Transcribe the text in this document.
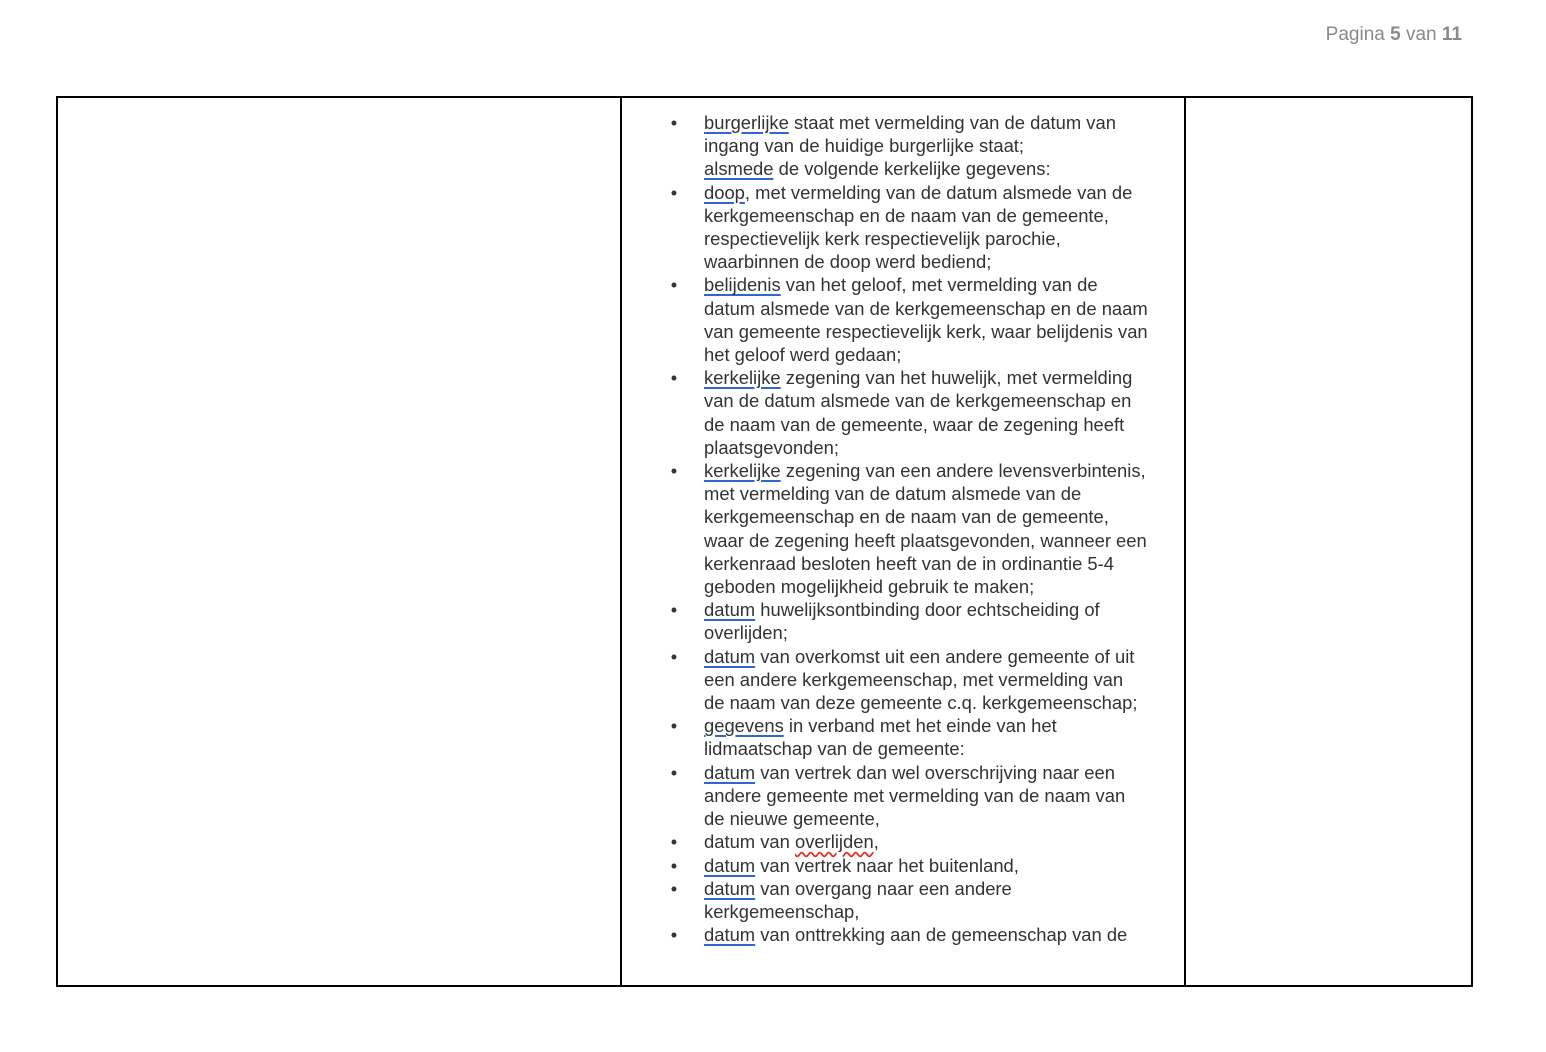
Pagina 5 van 11
• burgerlijke staat met vermelding van de datum van ingang van de huidige burgerlijke staat;
alsmede de volgende kerkelijke gegevens:
• doop, met vermelding van de datum alsmede van de kerkgemeenschap en de naam van de gemeente, respectievelijk kerk respectievelijk parochie, waarbinnen de doop werd bediend;
• belijdenis van het geloof, met vermelding van de datum alsmede van de kerkgemeenschap en de naam van gemeente respectievelijk kerk, waar belijdenis van het geloof werd gedaan;
• kerkelijke zegening van het huwelijk, met vermelding van de datum alsmede van de kerkgemeenschap en de naam van de gemeente, waar de zegening heeft plaatsgevonden;
• kerkelijke zegening van een andere levensverbintenis, met vermelding van de datum alsmede van de kerkgemeenschap en de naam van de gemeente, waar de zegening heeft plaatsgevonden, wanneer een kerkenraad besloten heeft van de in ordinantie 5-4 geboden mogelijkheid gebruik te maken;
• datum huwelijksontbinding door echtscheiding of overlijden;
• datum van overkomst uit een andere gemeente of uit een andere kerkgemeenschap, met vermelding van de naam van deze gemeente c.q. kerkgemeenschap;
• gegevens in verband met het einde van het lidmaatschap van de gemeente:
• datum van vertrek dan wel overschrijving naar een andere gemeente met vermelding van de naam van de nieuwe gemeente,
• datum van overlijden,
• datum van vertrek naar het buitenland,
• datum van overgang naar een andere kerkgemeenschap,
• datum van onttrekking aan de gemeenschap van de
